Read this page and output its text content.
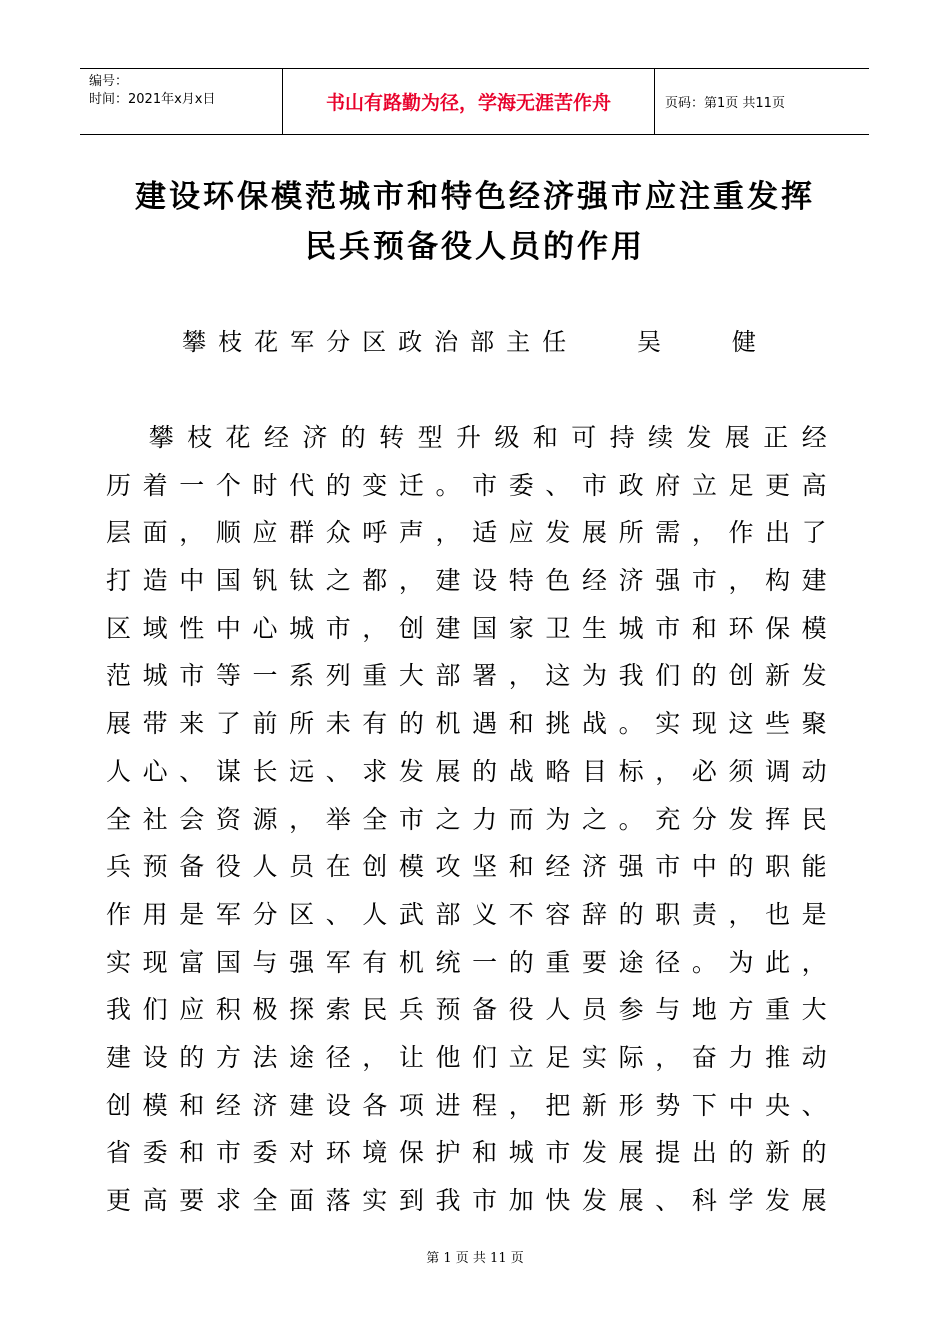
编号：
时间：2021年x月x日	书山有路勤为径，学海无涯苦作舟	页码：第1页 共11页
建设环保模范城市和特色经济强市应注重发挥
民兵预备役人员的作用
攀枝花军分区政治部主任   吴   健
攀枝花经济的转型升级和可持续发展正经
历着一个时代的变迁。市委、市政府立足更高
层面，顺应群众呼声，适应发展所需，作出了
打造中国钒钛之都，建设特色经济强市，构建
区域性中心城市，创建国家卫生城市和环保模
范城市等一系列重大部署，这为我们的创新发
展带来了前所未有的机遇和挑战。实现这些聚
人心、谋长远、求发展的战略目标，必须调动
全社会资源，举全市之力而为之。充分发挥民
兵预备役人员在创模攻坚和经济强市中的职能
作用是军分区、人武部义不容辞的职责，也是
实现富国与强军有机统一的重要途径。为此，
我们应积极探索民兵预备役人员参与地方重大
建设的方法途径，让他们立足实际，奋力推动
创模和经济建设各项进程，把新形势下中央、
省委和市委对环境保护和城市发展提出的新的
更高要求全面落实到我市加快发展、科学发展
第 1 页 共 11 页
